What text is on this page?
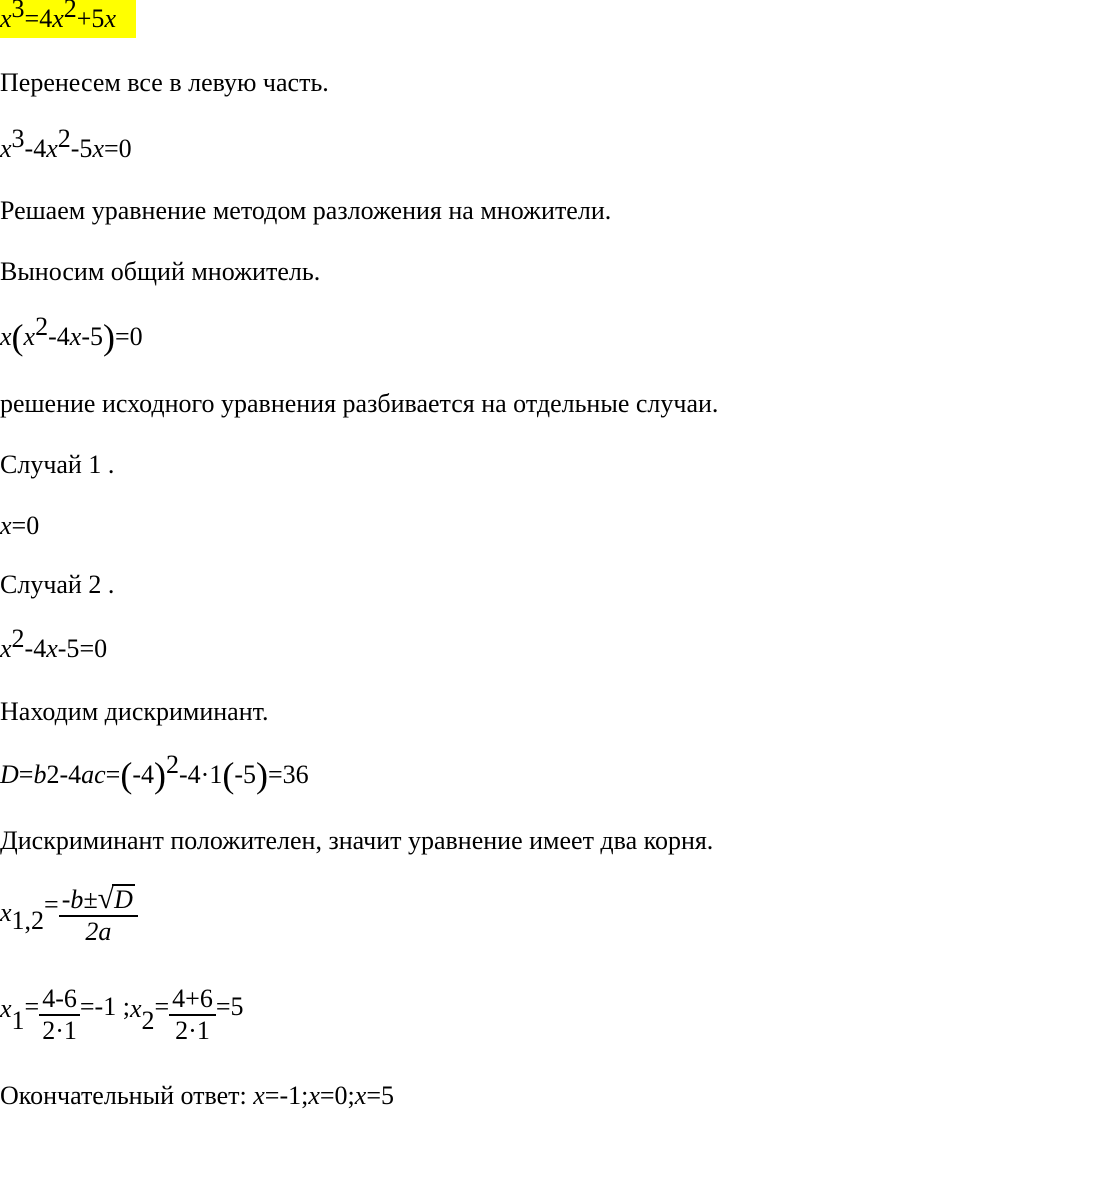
x3=4x2+5x
Перенесем все в левую часть.
x3-4x2-5x=0
Решаем уравнение методом разложения на множители.
Выносим общий множитель.
x(x2-4x-5)=0
решение исходного уравнения разбивается на отдельные случаи.
Случай 1 .
x=0
Случай 2 .
x2-4x-5=0
Находим дискриминант.
D=b2-4ac=(-4)2-4·1(-5)=36
Дискриминант положителен, значит уравнение имеет два корня.
$x1,2= \frac{-b\pm√D}{2a}$
$x1= \frac{4-6}{2\cdot 1} =-1$ ;x2= $\frac{4+6}{2\cdot 1} =5$
Окончательный ответ: x=-1;x=0;x=5
